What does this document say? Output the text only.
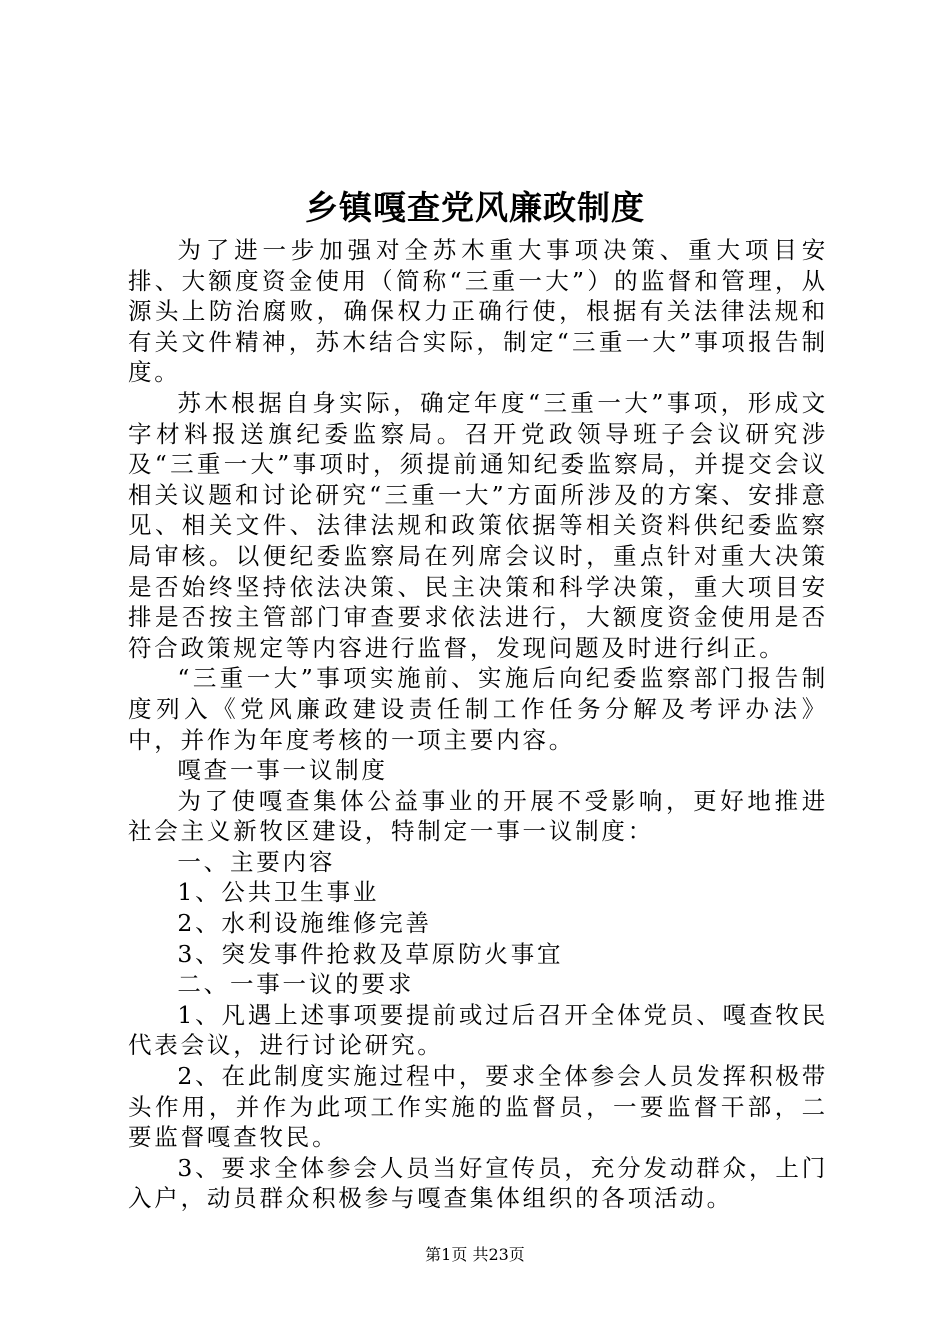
乡镇嘎查党风廉政制度

为了进一步加强对全苏木重大事项决策、重大项目安排、大额度资金使用（简称“三重一大”）的监督和管理，从源头上防治腐败，确保权力正确行使，根据有关法律法规和有关文件精神，苏木结合实际，制定“三重一大”事项报告制度。

苏木根据自身实际，确定年度“三重一大”事项，形成文字材料报送旗纪委监察局。召开党政领导班子会议研究涉及“三重一大”事项时，须提前通知纪委监察局，并提交会议相关议题和讨论研究“三重一大”方面所涉及的方案、安排意见、相关文件、法律法规和政策依据等相关资料供纪委监察局审核。以便纪委监察局在列席会议时，重点针对重大决策是否始终坚持依法决策、民主决策和科学决策，重大项目安排是否按主管部门审查要求依法进行，大额度资金使用是否符合政策规定等内容进行监督，发现问题及时进行纠正。

“三重一大”事项实施前、实施后向纪委监察部门报告制度列入《党风廉政建设责任制工作任务分解及考评办法》中，并作为年度考核的一项主要内容。

嘎查一事一议制度

为了使嘎查集体公益事业的开展不受影响，更好地推进社会主义新牧区建设，特制定一事一议制度：

一、主要内容

1、公共卫生事业

2、水利设施维修完善

3、突发事件抢救及草原防火事宜

二、一事一议的要求

1、凡遇上述事项要提前或过后召开全体党员、嘎查牧民代表会议，进行讨论研究。

2、在此制度实施过程中，要求全体参会人员发挥积极带头作用，并作为此项工作实施的监督员，一要监督干部，二要监督嘎查牧民。

3、要求全体参会人员当好宣传员，充分发动群众，上门入户，动员群众积极参与嘎查集体组织的各项活动。

第1页 共23页
